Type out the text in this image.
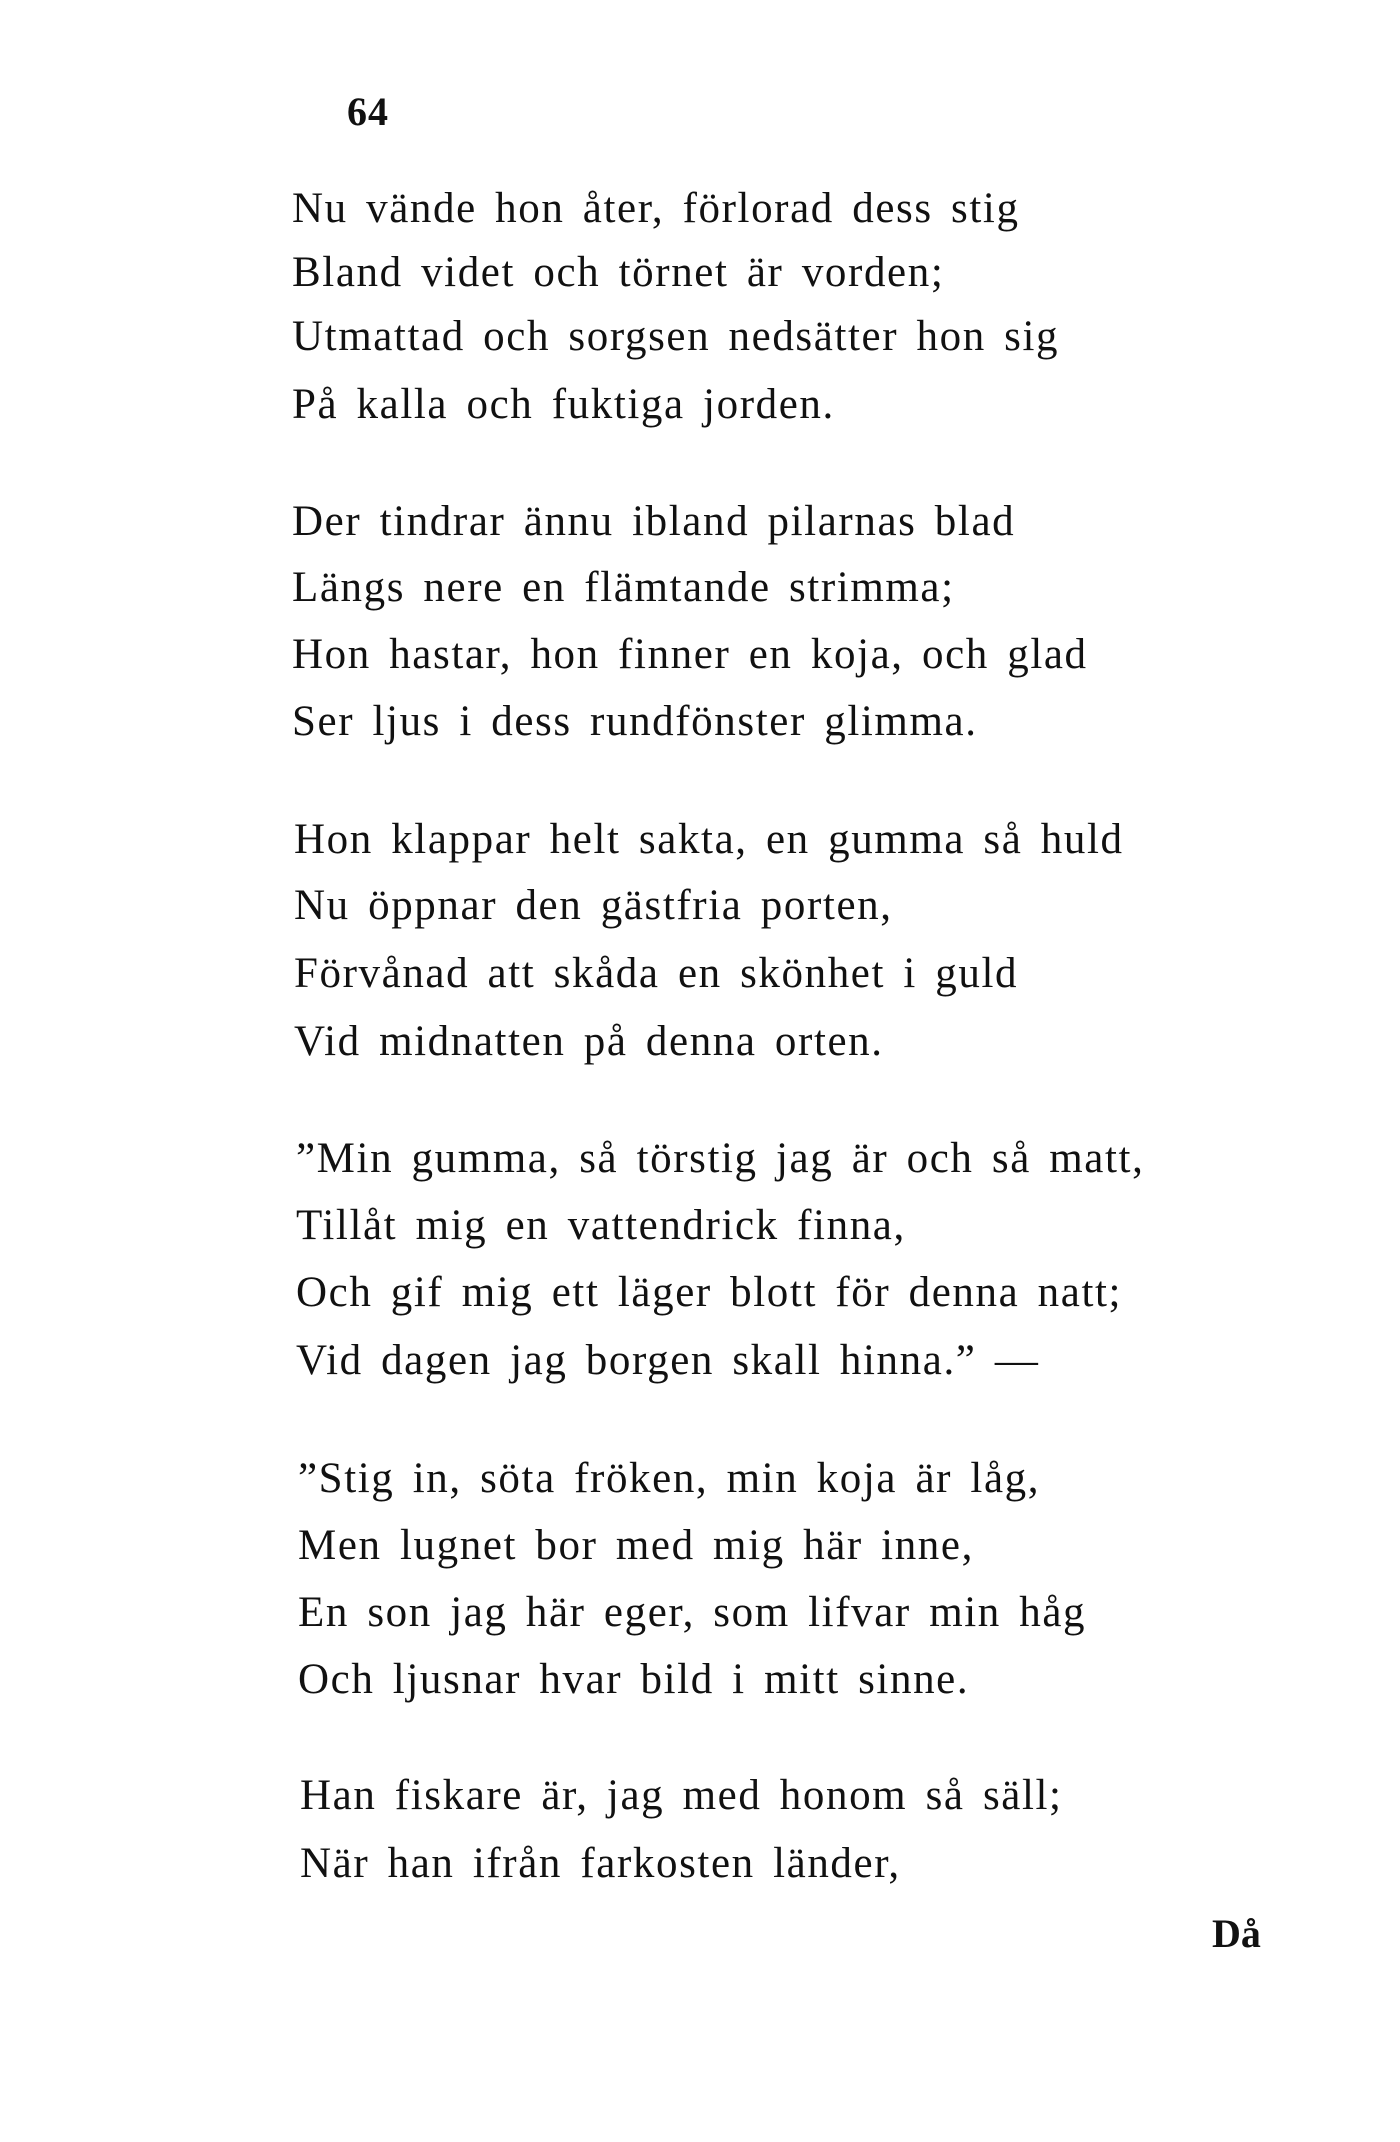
64
Nu vände hon åter, förlorad dess stig
Bland videt och törnet är vorden;
Utmattad och sorgsen nedsätter hon sig
På kalla och fuktiga jorden.
Der tindrar ännu ibland pilarnas blad
Längs nere en flämtande strimma;
Hon hastar, hon finner en koja, och glad
Ser ljus i dess rundfönster glimma.
Hon klappar helt sakta, en gumma så huld
Nu öppnar den gästfria porten,
Förvånad att skåda en skönhet i guld
Vid midnatten på denna orten.
”Min gumma, så törstig jag är och så matt,
Tillåt mig en vattendrick finna,
Och gif mig ett läger blott för denna natt;
Vid dagen jag borgen skall hinna.” —
”Stig in, söta fröken, min koja är låg,
Men lugnet bor med mig här inne,
En son jag här eger, som lifvar min håg
Och ljusnar hvar bild i mitt sinne.
Han fiskare är, jag med honom så säll;
När han ifrån farkosten länder,
Då
